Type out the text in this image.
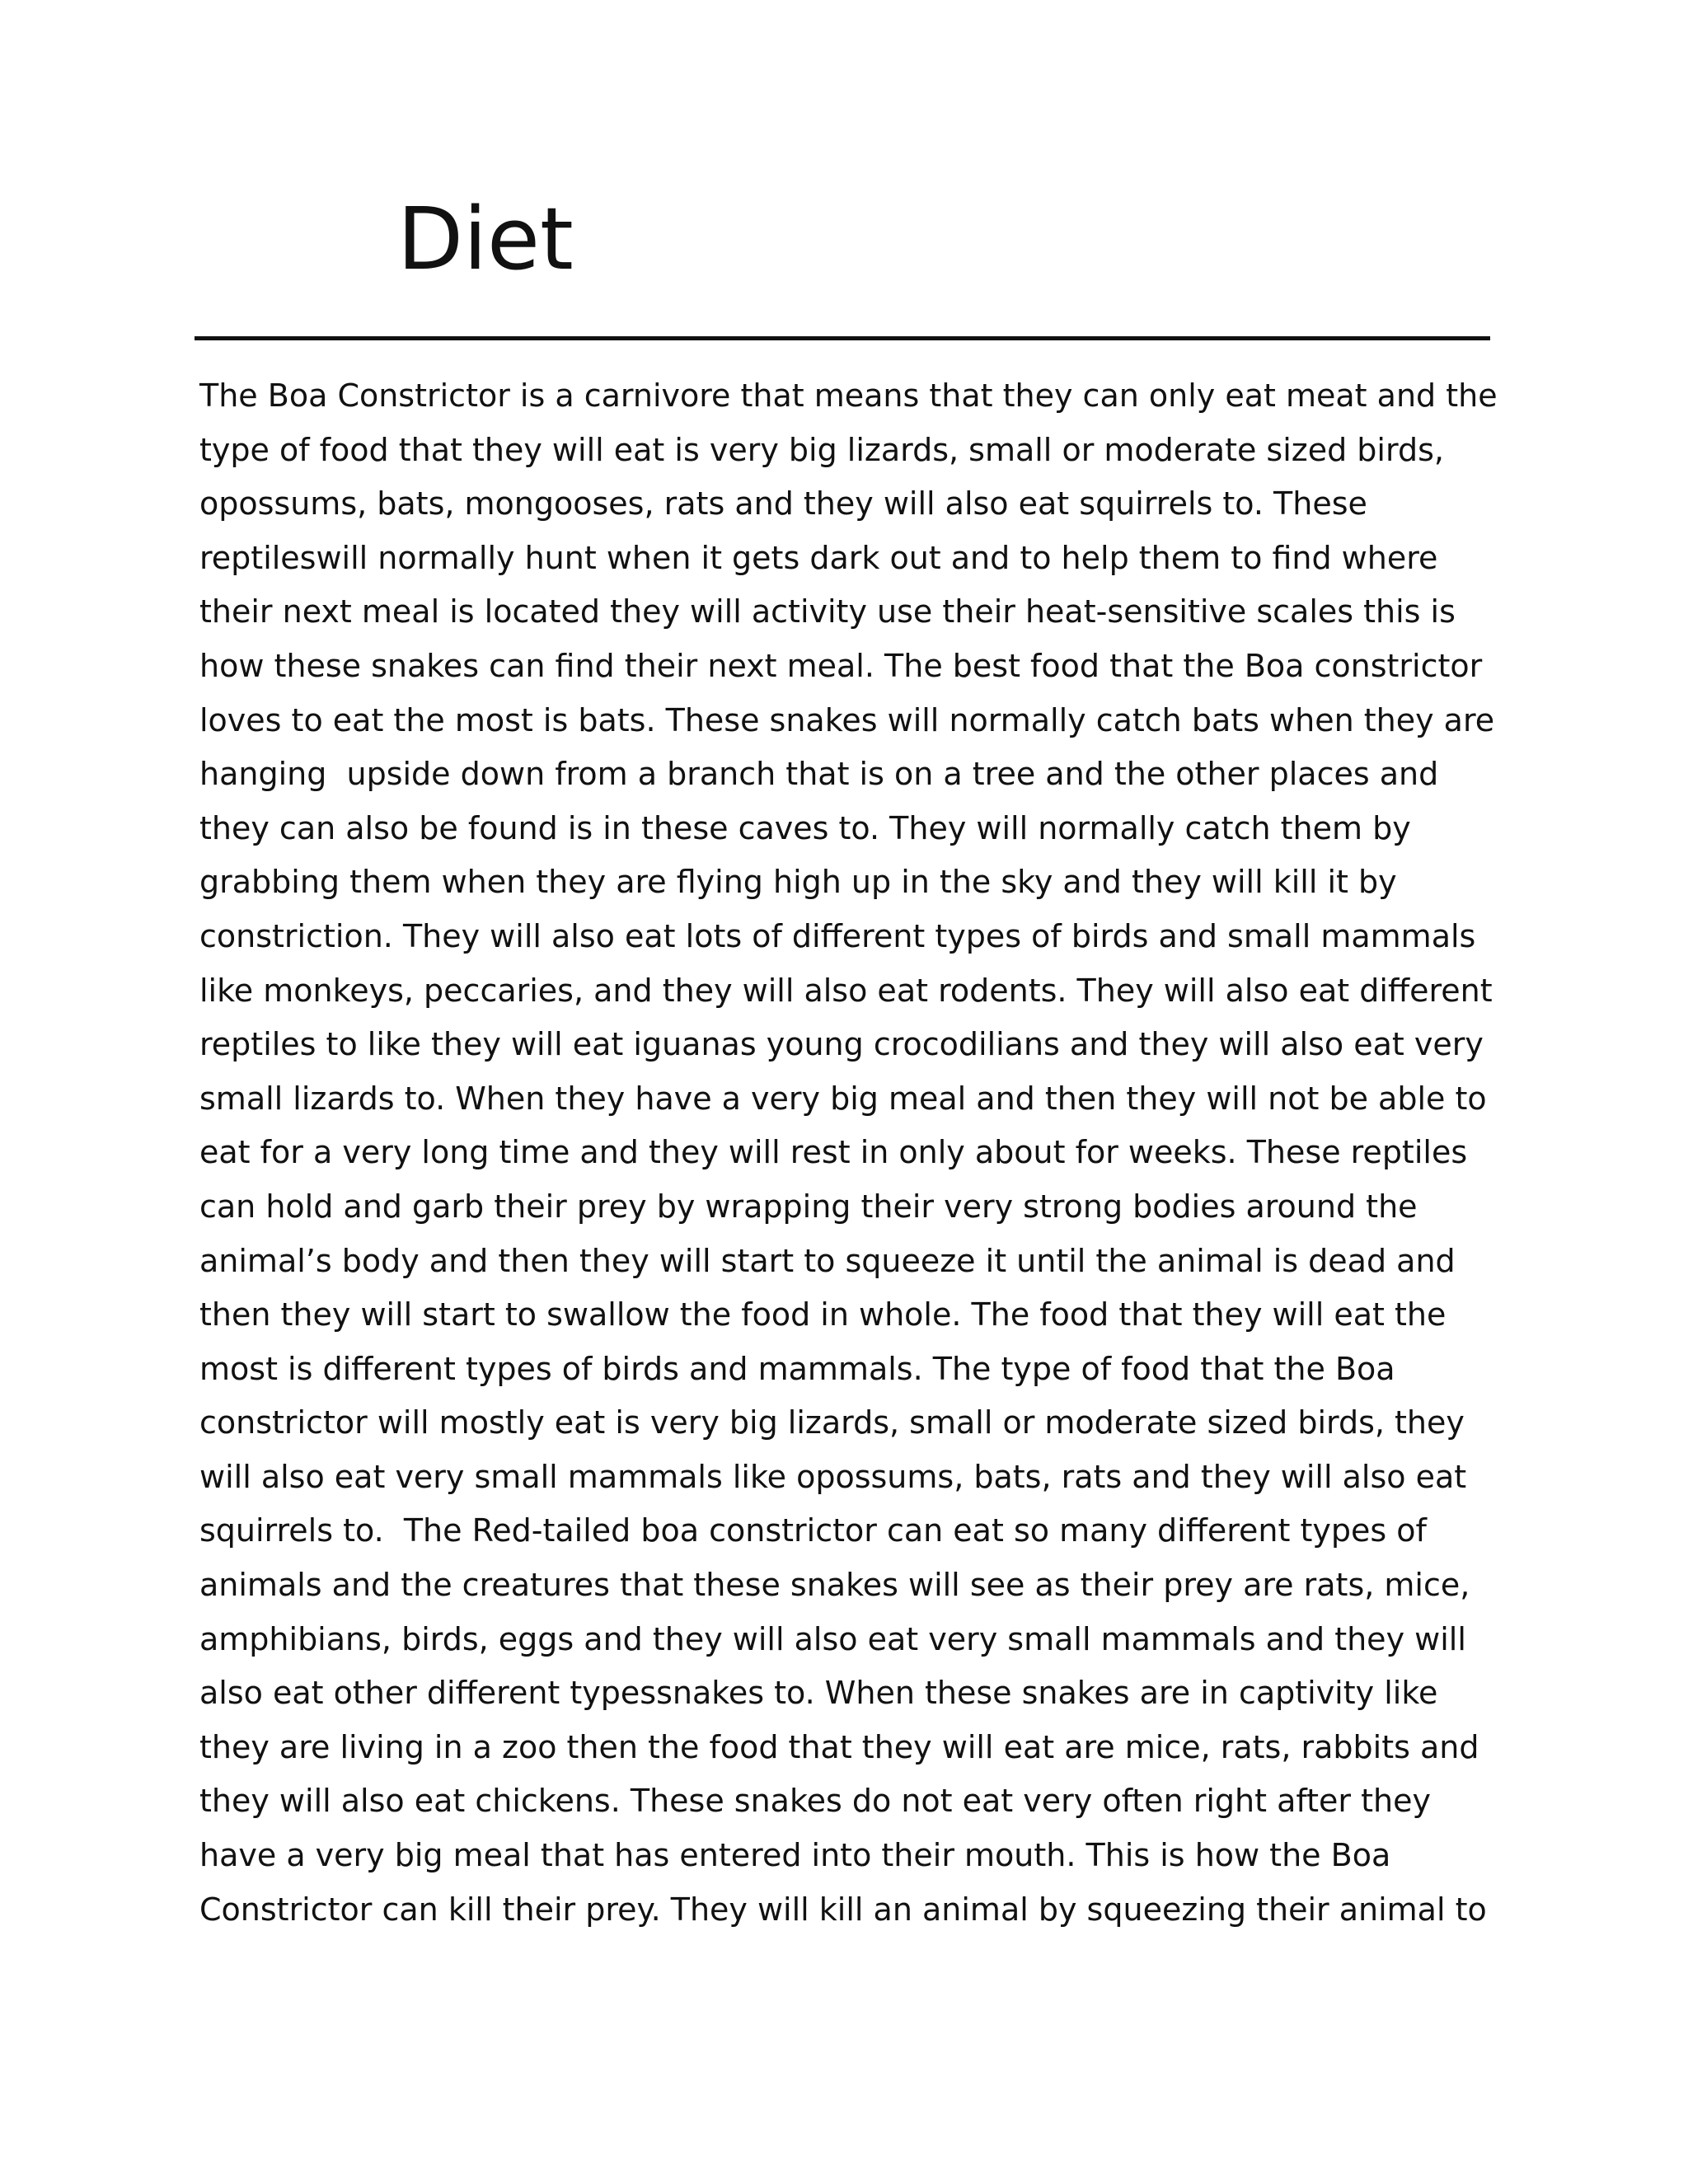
Diet
The Boa Constrictor is a carnivore that means that they can only eat meat and the
type of food that they will eat is very big lizards, small or moderate sized birds,
opossums, bats, mongooses, rats and they will also eat squirrels to. These
reptileswill normally hunt when it gets dark out and to help them to find where
their next meal is located they will activity use their heat-sensitive scales this is
how these snakes can find their next meal. The best food that the Boa constrictor
loves to eat the most is bats. These snakes will normally catch bats when they are
hanging  upside down from a branch that is on a tree and the other places and
they can also be found is in these caves to. They will normally catch them by
grabbing them when they are flying high up in the sky and they will kill it by
constriction. They will also eat lots of different types of birds and small mammals
like monkeys, peccaries, and they will also eat rodents. They will also eat different
reptiles to like they will eat iguanas young crocodilians and they will also eat very
small lizards to. When they have a very big meal and then they will not be able to
eat for a very long time and they will rest in only about for weeks. These reptiles
can hold and garb their prey by wrapping their very strong bodies around the
animal’s body and then they will start to squeeze it until the animal is dead and
then they will start to swallow the food in whole. The food that they will eat the
most is different types of birds and mammals. The type of food that the Boa
constrictor will mostly eat is very big lizards, small or moderate sized birds, they
will also eat very small mammals like opossums, bats, rats and they will also eat
squirrels to.  The Red-tailed boa constrictor can eat so many different types of
animals and the creatures that these snakes will see as their prey are rats, mice,
amphibians, birds, eggs and they will also eat very small mammals and they will
also eat other different typessnakes to. When these snakes are in captivity like
they are living in a zoo then the food that they will eat are mice, rats, rabbits and
they will also eat chickens. These snakes do not eat very often right after they
have a very big meal that has entered into their mouth. This is how the Boa
Constrictor can kill their prey. They will kill an animal by squeezing their animal to
